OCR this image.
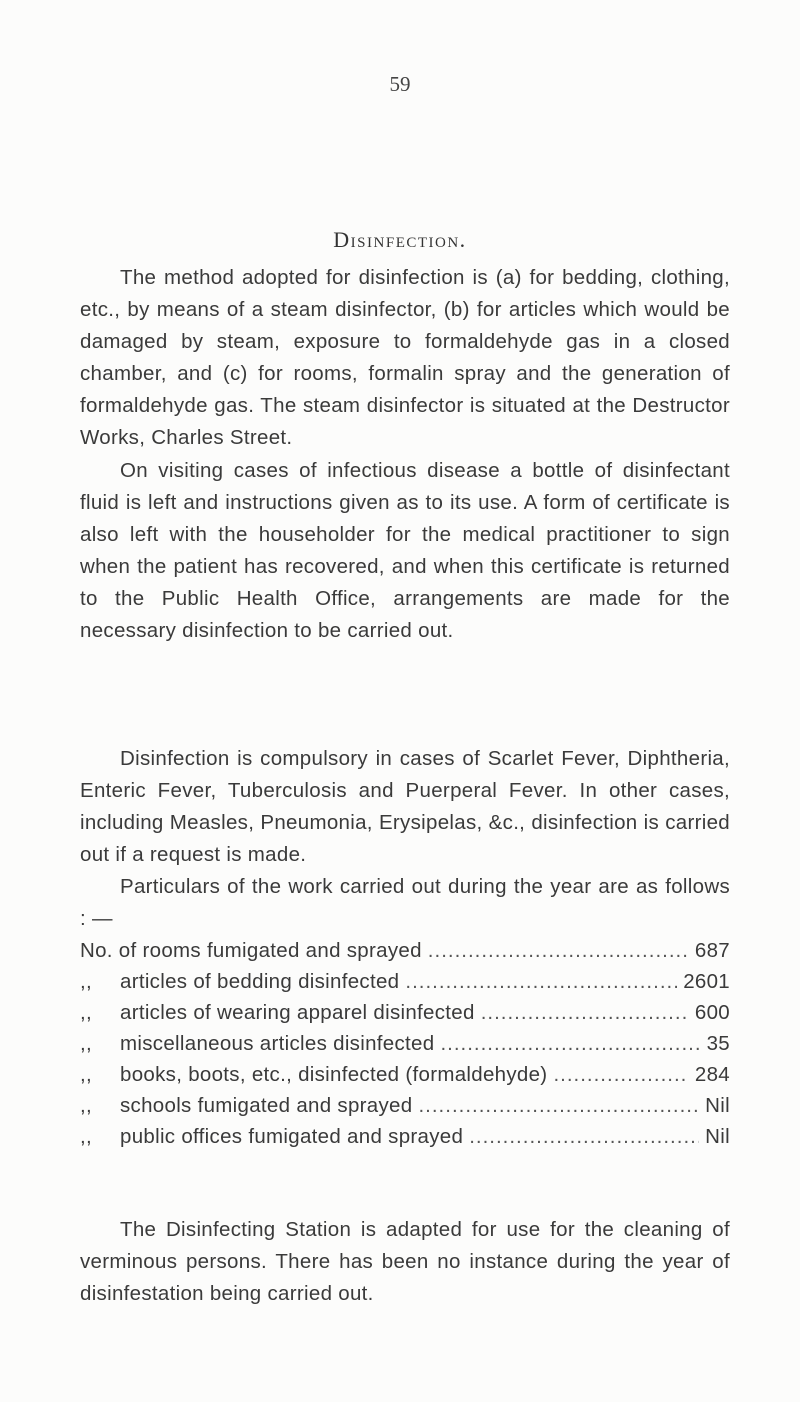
59
Disinfection.
The method adopted for disinfection is (a) for bedding, clothing, etc., by means of a steam disinfector, (b) for articles which would be damaged by steam, exposure to formaldehyde gas in a closed chamber, and (c) for rooms, formalin spray and the generation of formaldehyde gas. The steam disinfector is situated at the Destructor Works, Charles Street.
On visiting cases of infectious disease a bottle of disinfectant fluid is left and instructions given as to its use. A form of certificate is also left with the householder for the medical practitioner to sign when the patient has recovered, and when this certificate is returned to the Public Health Office, arrangements are made for the necessary disinfection to be carried out.
Disinfection is compulsory in cases of Scarlet Fever, Diphtheria, Enteric Fever, Tuberculosis and Puerperal Fever. In other cases, including Measles, Pneumonia, Erysipelas, &c., disinfection is carried out if a request is made.
Particulars of the work carried out during the year are as follows : —
No. of rooms fumigated and sprayed .....	687
,,	articles of bedding disinfected .....	2601
,,	articles of wearing apparel disinfected .....	600
,,	miscellaneous articles disinfected .....	35
,,	books, boots, etc., disinfected (formaldehyde) .....	284
,,	schools fumigated and sprayed .....	Nil
,,	public offices fumigated and sprayed .....	Nil
The Disinfecting Station is adapted for use for the cleaning of verminous persons. There has been no instance during the year of disinfestation being carried out.
